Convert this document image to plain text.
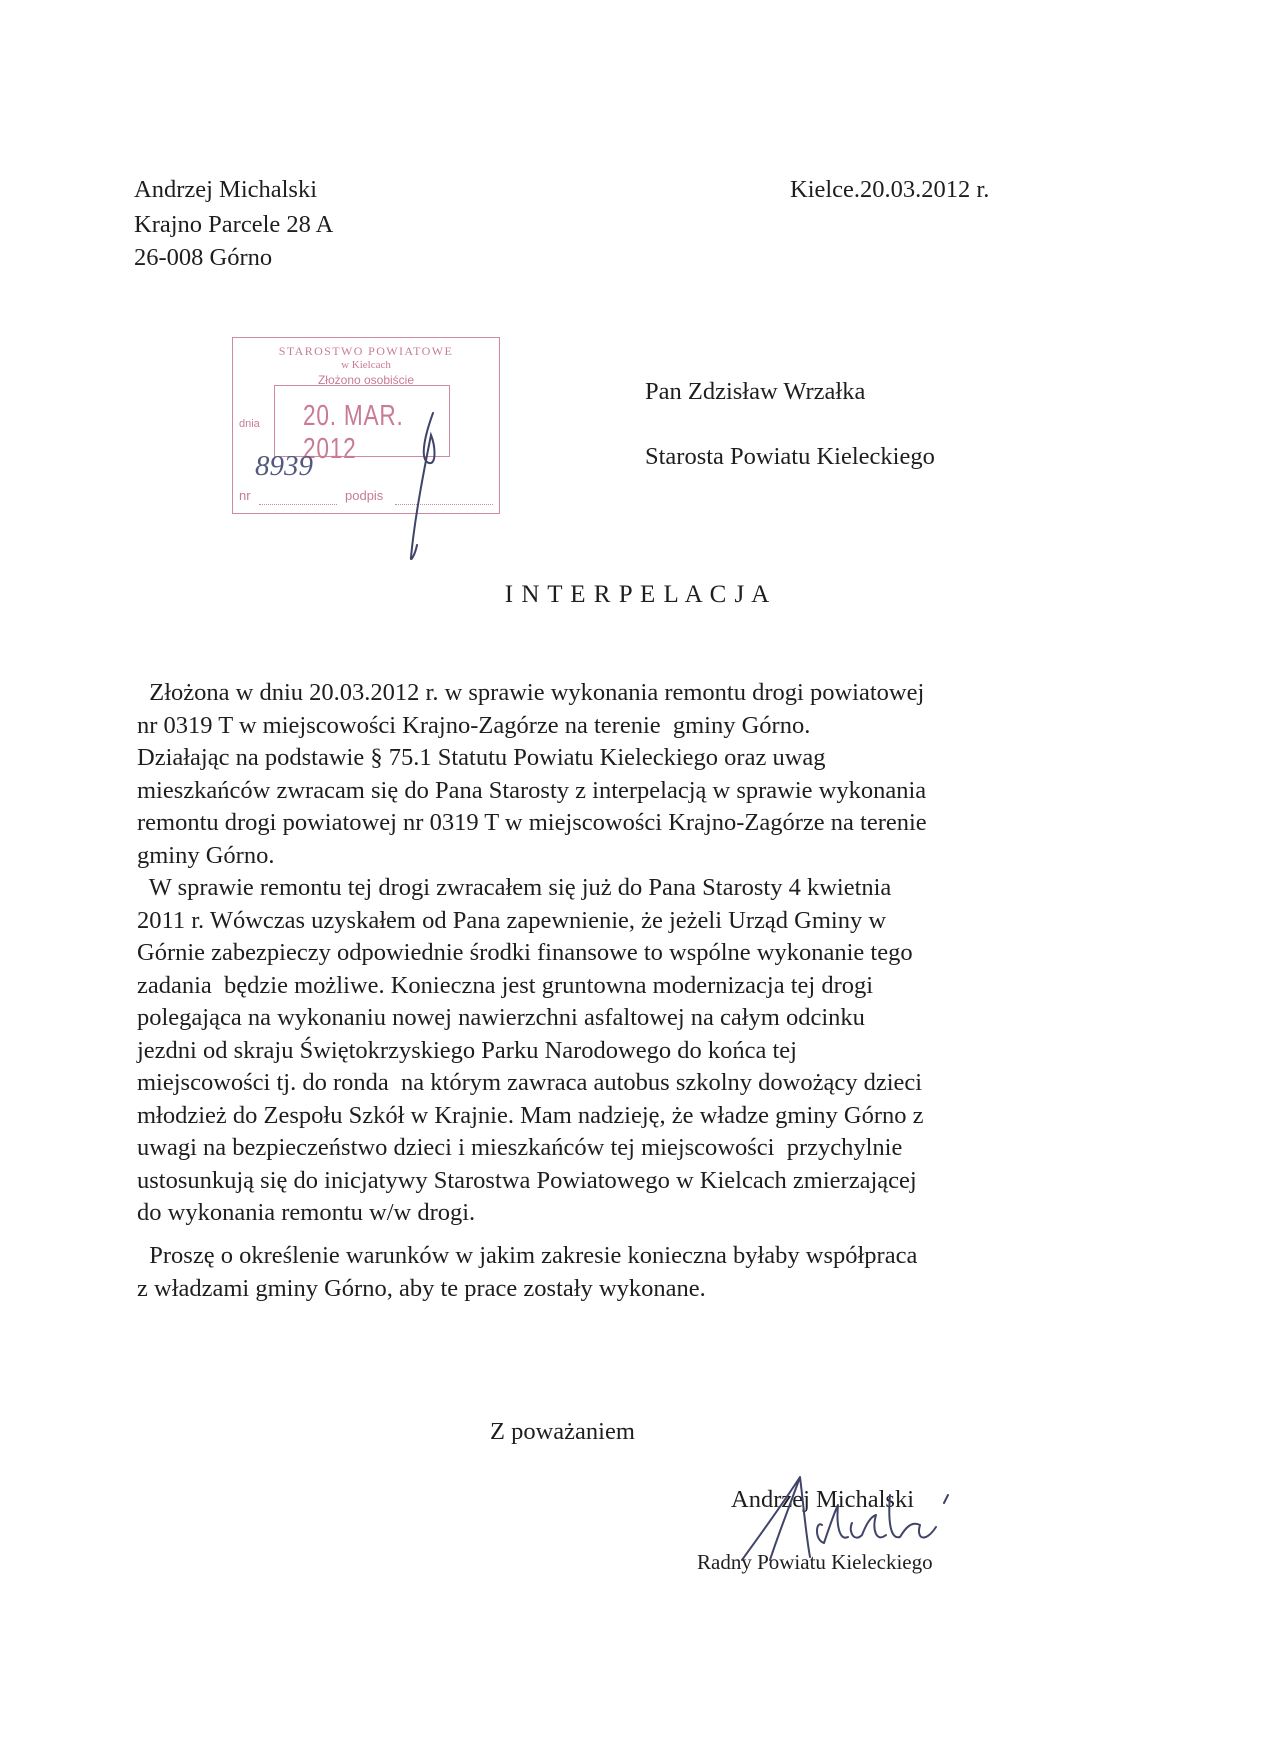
Andrzej Michalski
Krajno Parcele 28 A
26-008 Górno
Kielce.20.03.2012 r.
STAROSTWO POWIATOWE
w Kielcach
Złożono osobiście
dnia 20. MAR. 2012
8939
nr	podpis
Pan Zdzisław Wrzałka
Starosta Powiatu Kieleckiego
I N T E R P E L A C J A
Złożona w dniu 20.03.2012 r. w sprawie wykonania remontu drogi powiatowej
nr 0319 T w miejscowości Krajno-Zagórze na terenie  gminy Górno.
Działając na podstawie § 75.1 Statutu Powiatu Kieleckiego oraz uwag
mieszkańców zwracam się do Pana Starosty z interpelacją w sprawie wykonania
remontu drogi powiatowej nr 0319 T w miejscowości Krajno-Zagórze na terenie
gminy Górno.
W sprawie remontu tej drogi zwracałem się już do Pana Starosty 4 kwietnia
2011 r. Wówczas uzyskałem od Pana zapewnienie, że jeżeli Urząd Gminy w
Górnie zabezpieczy odpowiednie środki finansowe to wspólne wykonanie tego
zadania  będzie możliwe. Konieczna jest gruntowna modernizacja tej drogi
polegająca na wykonaniu nowej nawierzchni asfaltowej na całym odcinku
jezdni od skraju Świętokrzyskiego Parku Narodowego do końca tej
miejscowości tj. do ronda  na którym zawraca autobus szkolny dowożący dzieci
młodzież do Zespołu Szkół w Krajnie. Mam nadzieję, że władze gminy Górno z
uwagi na bezpieczeństwo dzieci i mieszkańców tej miejscowości  przychylnie
ustosunkują się do inicjatywy Starostwa Powiatowego w Kielcach zmierzającej
do wykonania remontu w/w drogi.
Proszę o określenie warunków w jakim zakresie konieczna byłaby współpraca
z władzami gminy Górno, aby te prace zostały wykonane.
Z poważaniem
Andrzej Michalski
Radny Powiatu Kieleckiego
